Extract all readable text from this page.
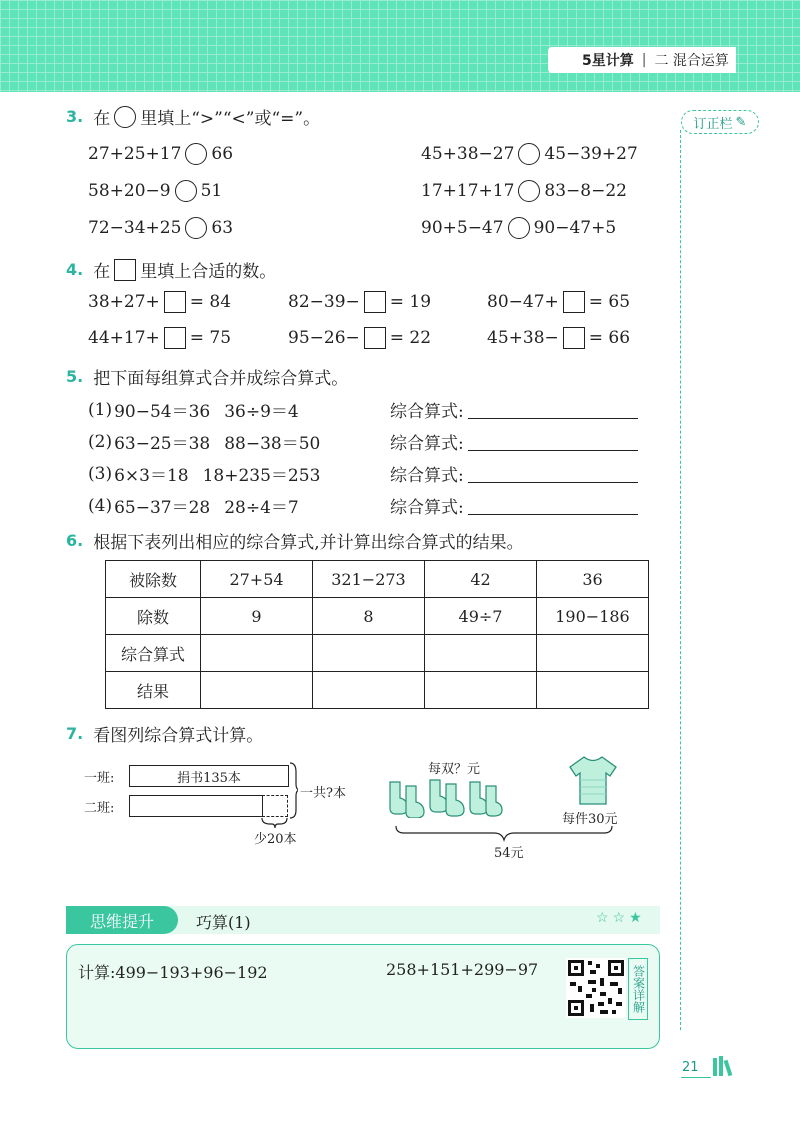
5星计算 | 二 混合运算
订正栏 ✎
3. 在 里填上“>”“<”或“=”。
27+25+17 66	45+38−27 45−39+27
58+20−9 51	17+17+17 83−8−22
72−34+25 63	90+5−47 90−47+5
4. 在 里填上合适的数。
38+27+ = 84	82−39− = 19	80−47+ = 65
44+17+ = 75	95−26− = 22	45+38− = 66
5. 把下面每组算式合并成综合算式。
(1) 90−54＝36 36÷9＝4	综合算式:
(2) 63−25＝38 88−38＝50	综合算式:
(3) 6×3＝18 18+235＝253	综合算式:
(4) 65−37＝28 28÷4＝7	综合算式:
6. 根据下表列出相应的综合算式,并计算出综合算式的结果。
被除数	27+54	321−273	42	36
除数	9	8	49÷7	190−186
综合算式				
结果				
7. 看图列综合算式计算。
一班:
二班:
捐书135本
一共?本
少20本
每双？元
每件30元
54元
思维提升	巧算(1)	☆☆★
计算:499−193+96−192	258+151+299−97	答案详解
21
